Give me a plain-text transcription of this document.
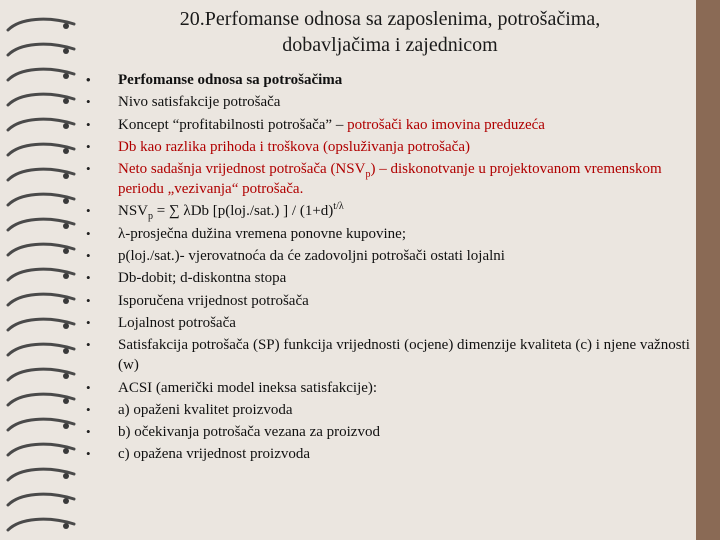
20.Perfomanse odnosa sa zaposlenima, potrošačima,
dobavljačima i zajednicom
• Perfomanse odnosa sa potrošačima
• Nivo satisfakcije potrošača
• Koncept “profitabilnosti potrošača” – potrošači kao imovina preduzeća
• Db kao razlika prihoda i troškova (opsluživanja potrošača)
• Neto sadašnja vrijednost potrošača $(NSV_p)$ – diskonotvanje u projektovanom vremenskom periodu „vezivanja“ potrošača.
• $NSV_p$ = ∑ λDb [p(loj./sat.) ] / $(1+d)^{t/\lambda}$
• λ-prosječna dužina vremena ponovne kupovine;
• p(loj./sat.)- vjerovatnoća da će zadovoljni potrošači ostati lojalni
• Db-dobit; d-diskontna stopa
• Isporučena vrijednost potrošača
• Lojalnost potrošača
• Satisfakcija potrošača (SP) funkcija vrijednosti (ocjene) dimenzije kvaliteta (c) i njene važnosti (w)
• ACSI (američki model ineksa satisfakcije):
• a) opaženi kvalitet proizvoda
• b) očekivanja potrošača vezana za proizvod
• c) opažena vrijednost proizvoda
